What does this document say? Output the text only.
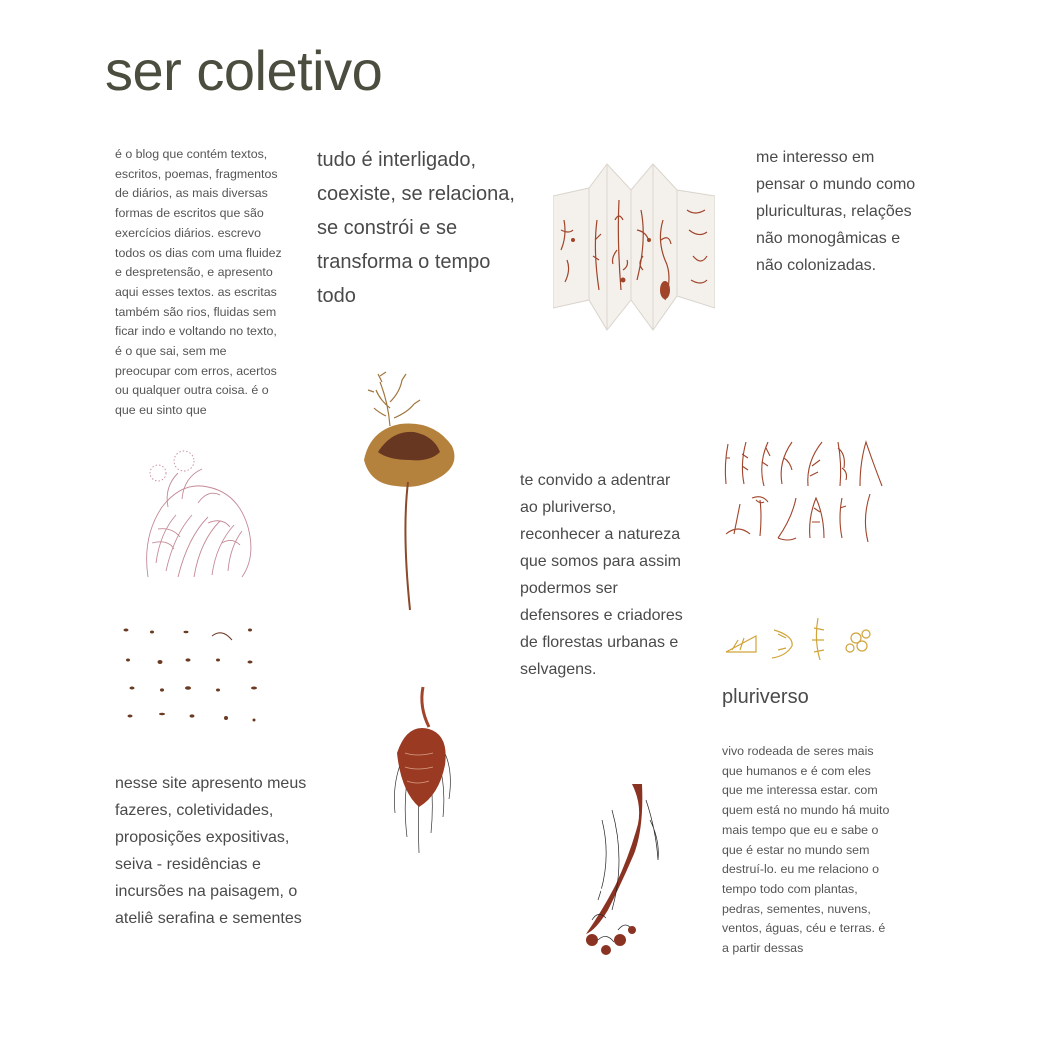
ser coletivo
é o blog que contém textos, escritos, poemas, fragmentos de diários, as mais diversas formas de escritos que são exercícios diários. escrevo todos os dias com uma fluidez e despretensão, e apresento aqui esses textos. as escritas também são rios, fluidas sem ficar indo e voltando no texto, é o que sai, sem me preocupar com erros, acertos ou qualquer outra coisa. é o que eu sinto que
tudo é interligado, coexiste, se relaciona, se constrói e se transforma o tempo todo
me interesso em pensar o mundo como pluriculturas, relações não monogâmicas e não colonizadas.
te convido a adentrar ao pluriverso, reconhecer a natureza que somos para assim podermos ser defensores e criadores de florestas urbanas e selvagens.
pluriverso
nesse site apresento meus fazeres, coletividades, proposições expositivas, seiva - residências e incursões na paisagem, o ateliê serafina e sementes
vivo rodeada de seres mais que humanos e é com eles que me interessa estar. com quem está no mundo há muito mais tempo que eu e sabe o que é estar no mundo sem destruí-lo. eu me relaciono o tempo todo com plantas, pedras, sementes, nuvens, ventos, águas, céu e terras. é a partir dessas
